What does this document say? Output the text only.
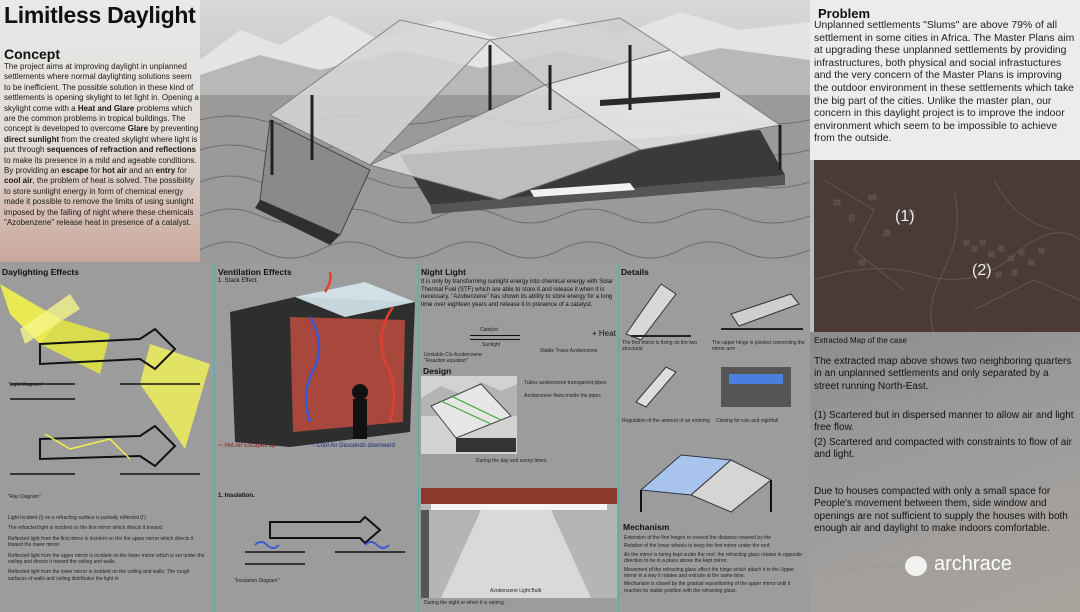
Limitless Daylight
Concept
The project aims at improving daylight in unplanned settlements where normal daylighting solutions seem to be inefficient. The possible solution in these kind of settlements is opening skylight to let light in. Opening a skylight come with a Heat and Glare problems which are the common problems in tropical buildings. The concept is developed to overcome Glare by preventing direct sunlight from the created skylight where light is put through sequences of refraction and reflections to make its presence in a mild and ageable conditions. By providing an escape for hot air and an entry for cool air, the problem of heat is solved. The possibility to store sunlight energy in form of chemical energy made it possible to remove the limits of using sunlight imposed by the falling of night where these chemicals "Azobenzene" release heat in presence of a catalyst.
Problem
Unplanned settlements "Slums" are above 79% of all settlement in some cities in Africa. The Master Plans aim at upgrading these unplanned settlements by providing infrastructures, both physical and social infrastuctures and the very concern of the Master Plans is improving the outdoor environment in these settlements which take the big part of the cities. Unlike the master plan, our concern in this daylight project is to improve the indoor environment which seem to be impossible to achieve from the outside.
(1)
(2)
Extracted Map of the case
The extracted map above shows two neighboring quarters in an unplanned settlements and only separated by a street running North-East.
(1) Scartered but in dispersed manner to allow air and light free flow.
(2) Scartered and compacted with constraints to flow of air and light.
Due to houses compacted with only a small space for People's movement between them, side window and openings are not sufficient to supply the houses with both enough air and daylight to make indoors comfortable.
archrace
Daylighting Effects
"Light Diagram"
"Ray Diagram"
Light incident (I) on a refracting surface is partially reflected (I')
The refracted light is incident on the first mirror which directs it toward.
Reflected light from the first mirror is incident on the the upper mirror which directs it toward the lower mirror.
Reflected light from the upper mirror is incident on the lower mirror which is set under the ceiling and directs it toward the ceiling and walls.
Reflected light from the lower mirror is incident on the ceiling and walls. The rough surfaces of walls and ceiling distributes the light in
Ventilation Effects
1. Stack Effect.
⤳ Hot Air Escapes up	⤳ Cool Air Descends downward
1. Insulation.
"Insulation Diagram"
Night Light
It is only by transforming sunlight energy into chemical energy with Solar Thermal Fuel (STF) which are able to store it and release it when it is necessary. "Azobenzene" has shown its ability to store energy for a long time over eighteen years and release it in presence of a catalyst.
Catalyst
Sunlight
+ Heat
Unstable Cis-Azobenzene
Stable Trans-Azobenzene
"Reaction equation"
Design
Tubes azobenzene transparent pipes
Azobenzene flows inside the pipes
During the day and sunny times.
Azobenzene Light Bulb
During the night or when it is raining.
Details
The first mirror is fixing on the two structural
The upper hinge is pivoted connecting the mirror arm
Regulation of the amount of air entering	Closing for rain and nightfall
Mechanism
Extension of the first hinges to exceed the distance covered by the
Rotation of the lower wheels to keep the first mirror under the roof.
As the mirror is being kept under the roof, the refracting glass rotates in opposite direction to be in a place above the kept mirror.
Movement of the refracting glass affect the hinge which attach it to the Upper mirror in a way it rotates and extrude at the same time.
Mechanism is closed by the gradual repositioning of the upper mirror until it reaches its stable position with the refracting glass.
